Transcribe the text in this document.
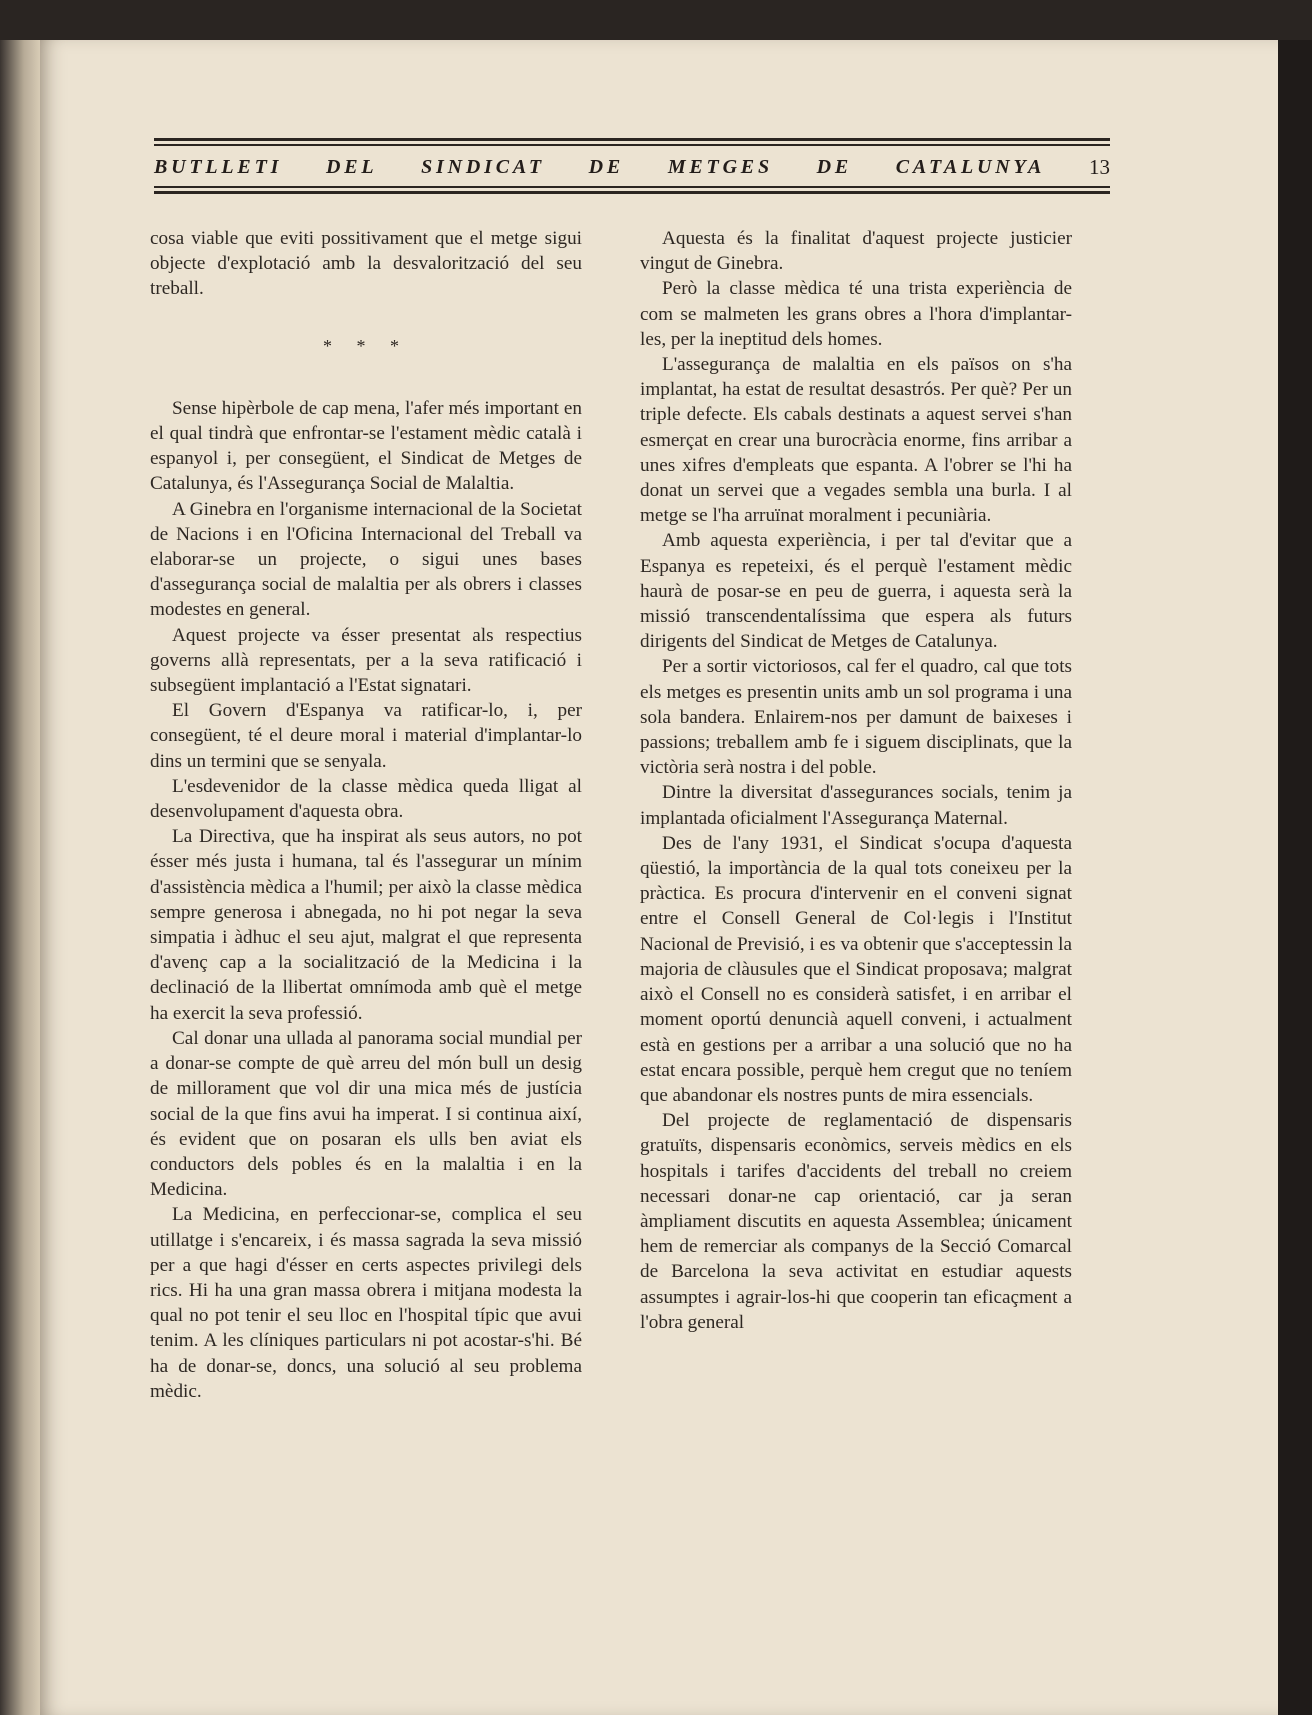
BUTLLETI DEL SINDICAT DE METGES DE CATALUNYA 13

cosa viable que eviti possitivament que el metge sigui objecte d'explotació amb la desvalorització del seu treball.

* * *

Sense hipèrbole de cap mena, l'afer més important en el qual tindrà que enfrontar-se l'estament mèdic català i espanyol i, per consegüent, el Sindicat de Metges de Catalunya, és l'Assegurança Social de Malaltia.

A Ginebra en l'organisme internacional de la Societat de Nacions i en l'Oficina Internacional del Treball va elaborar-se un projecte, o sigui unes bases d'assegurança social de malaltia per als obrers i classes modestes en general.

Aquest projecte va ésser presentat als respectius governs allà representats, per a la seva ratificació i subsegüent implantació a l'Estat signatari.

El Govern d'Espanya va ratificar-lo, i, per consegüent, té el deure moral i material d'implantar-lo dins un termini que se senyala.

L'esdevenidor de la classe mèdica queda lligat al desenvolupament d'aquesta obra.

La Directiva, que ha inspirat als seus autors, no pot ésser més justa i humana, tal és l'assegurar un mínim d'assistència mèdica a l'humil; per això la classe mèdica sempre generosa i abnegada, no hi pot negar la seva simpatia i àdhuc el seu ajut, malgrat el que representa d'avenç cap a la socialització de la Medicina i la declinació de la llibertat omnímoda amb què el metge ha exercit la seva professió.

Cal donar una ullada al panorama social mundial per a donar-se compte de què arreu del món bull un desig de millorament que vol dir una mica més de justícia social de la que fins avui ha imperat. I si continua així, és evident que on posaran els ulls ben aviat els conductors dels pobles és en la malaltia i en la Medicina.

La Medicina, en perfeccionar-se, complica el seu utillatge i s'encareix, i és massa sagrada la seva missió per a que hagi d'ésser en certs aspectes privilegi dels rics. Hi ha una gran massa obrera i mitjana modesta la qual no pot tenir el seu lloc en l'hospital típic que avui tenim. A les clíniques particulars ni pot acostar-s'hi. Bé ha de donar-se, doncs, una solució al seu problema mèdic.

Aquesta és la finalitat d'aquest projecte justicier vingut de Ginebra.

Però la classe mèdica té una trista experiència de com se malmeten les grans obres a l'hora d'implantar-les, per la ineptitud dels homes.

L'assegurança de malaltia en els països on s'ha implantat, ha estat de resultat desastrós. Per què? Per un triple defecte. Els cabals destinats a aquest servei s'han esmerçat en crear una burocràcia enorme, fins arribar a unes xifres d'empleats que espanta. A l'obrer se l'hi ha donat un servei que a vegades sembla una burla. I al metge se l'ha arruïnat moralment i pecuniària.

Amb aquesta experiència, i per tal d'evitar que a Espanya es repeteixi, és el perquè l'estament mèdic haurà de posar-se en peu de guerra, i aquesta serà la missió transcendentalíssima que espera als futurs dirigents del Sindicat de Metges de Catalunya.

Per a sortir victoriosos, cal fer el quadro, cal que tots els metges es presentin units amb un sol programa i una sola bandera. Enlairem-nos per damunt de baixeses i passions; treballem amb fe i siguem disciplinats, que la victòria serà nostra i del poble.

Dintre la diversitat d'assegurances socials, tenim ja implantada oficialment l'Assegurança Maternal.

Des de l'any 1931, el Sindicat s'ocupa d'aquesta qüestió, la importància de la qual tots coneixeu per la pràctica. Es procura d'intervenir en el conveni signat entre el Consell General de Col·legis i l'Institut Nacional de Previsió, i es va obtenir que s'acceptessin la majoria de clàusules que el Sindicat proposava; malgrat això el Consell no es considerà satisfet, i en arribar el moment oportú denuncià aquell conveni, i actualment està en gestions per a arribar a una solució que no ha estat encara possible, perquè hem cregut que no teníem que abandonar els nostres punts de mira essencials.

Del projecte de reglamentació de dispensaris gratuïts, dispensaris econòmics, serveis mèdics en els hospitals i tarifes d'accidents del treball no creiem necessari donar-ne cap orientació, car ja seran àmpliament discutits en aquesta Assemblea; únicament hem de remerciar als companys de la Secció Comarcal de Barcelona la seva activitat en estudiar aquests assumptes i agrair-los-hi que cooperin tan eficaçment a l'obra general
